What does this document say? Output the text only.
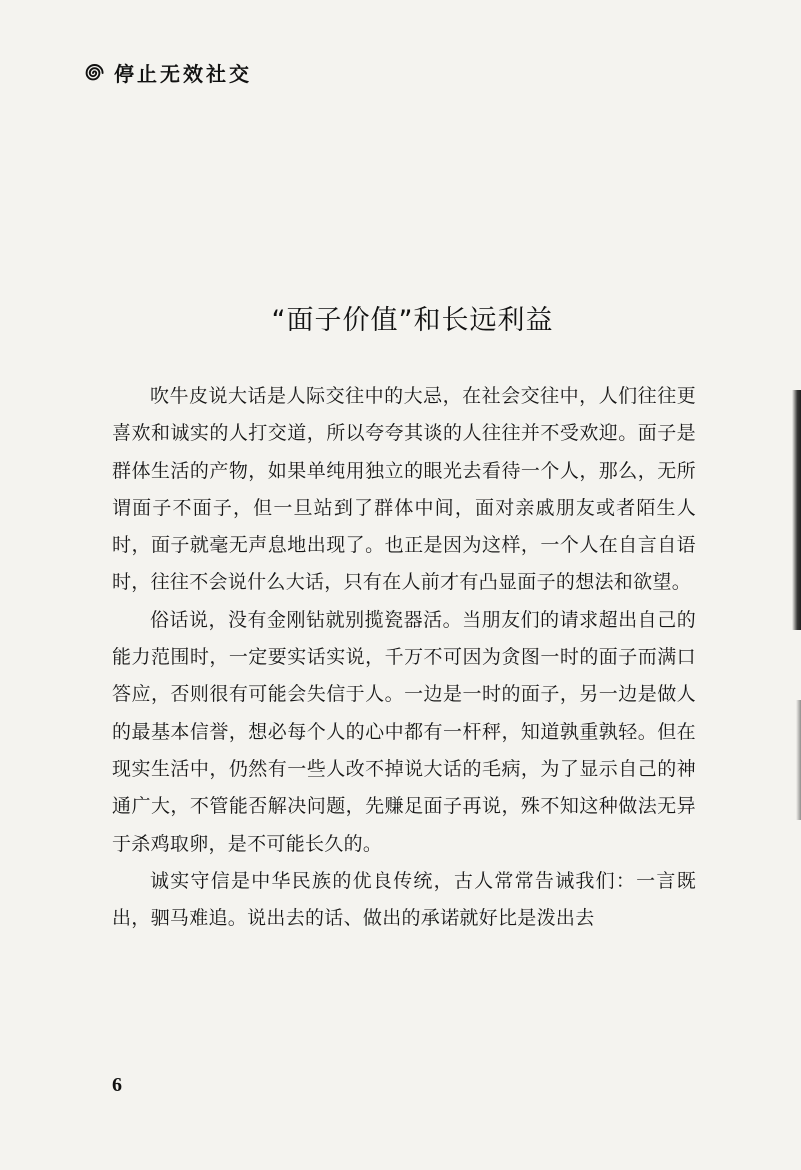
停止无效社交
“面子价值”和长远利益

吹牛皮说大话是人际交往中的大忌，在社会交往中，人们往往更喜欢和诚实的人打交道，所以夸夸其谈的人往往并不受欢迎。面子是群体生活的产物，如果单纯用独立的眼光去看待一个人，那么，无所谓面子不面子，但一旦站到了群体中间，面对亲戚朋友或者陌生人时，面子就毫无声息地出现了。也正是因为这样，一个人在自言自语时，往往不会说什么大话，只有在人前才有凸显面子的想法和欲望。

俗话说，没有金刚钻就别揽瓷器活。当朋友们的请求超出自己的能力范围时，一定要实话实说，千万不可因为贪图一时的面子而满口答应，否则很有可能会失信于人。一边是一时的面子，另一边是做人的最基本信誉，想必每个人的心中都有一杆秤，知道孰重孰轻。但在现实生活中，仍然有一些人改不掉说大话的毛病，为了显示自己的神通广大，不管能否解决问题，先赚足面子再说，殊不知这种做法无异于杀鸡取卵，是不可能长久的。

诚实守信是中华民族的优良传统，古人常常告诫我们：一言既出，驷马难追。说出去的话、做出的承诺就好比是泼出去

6
